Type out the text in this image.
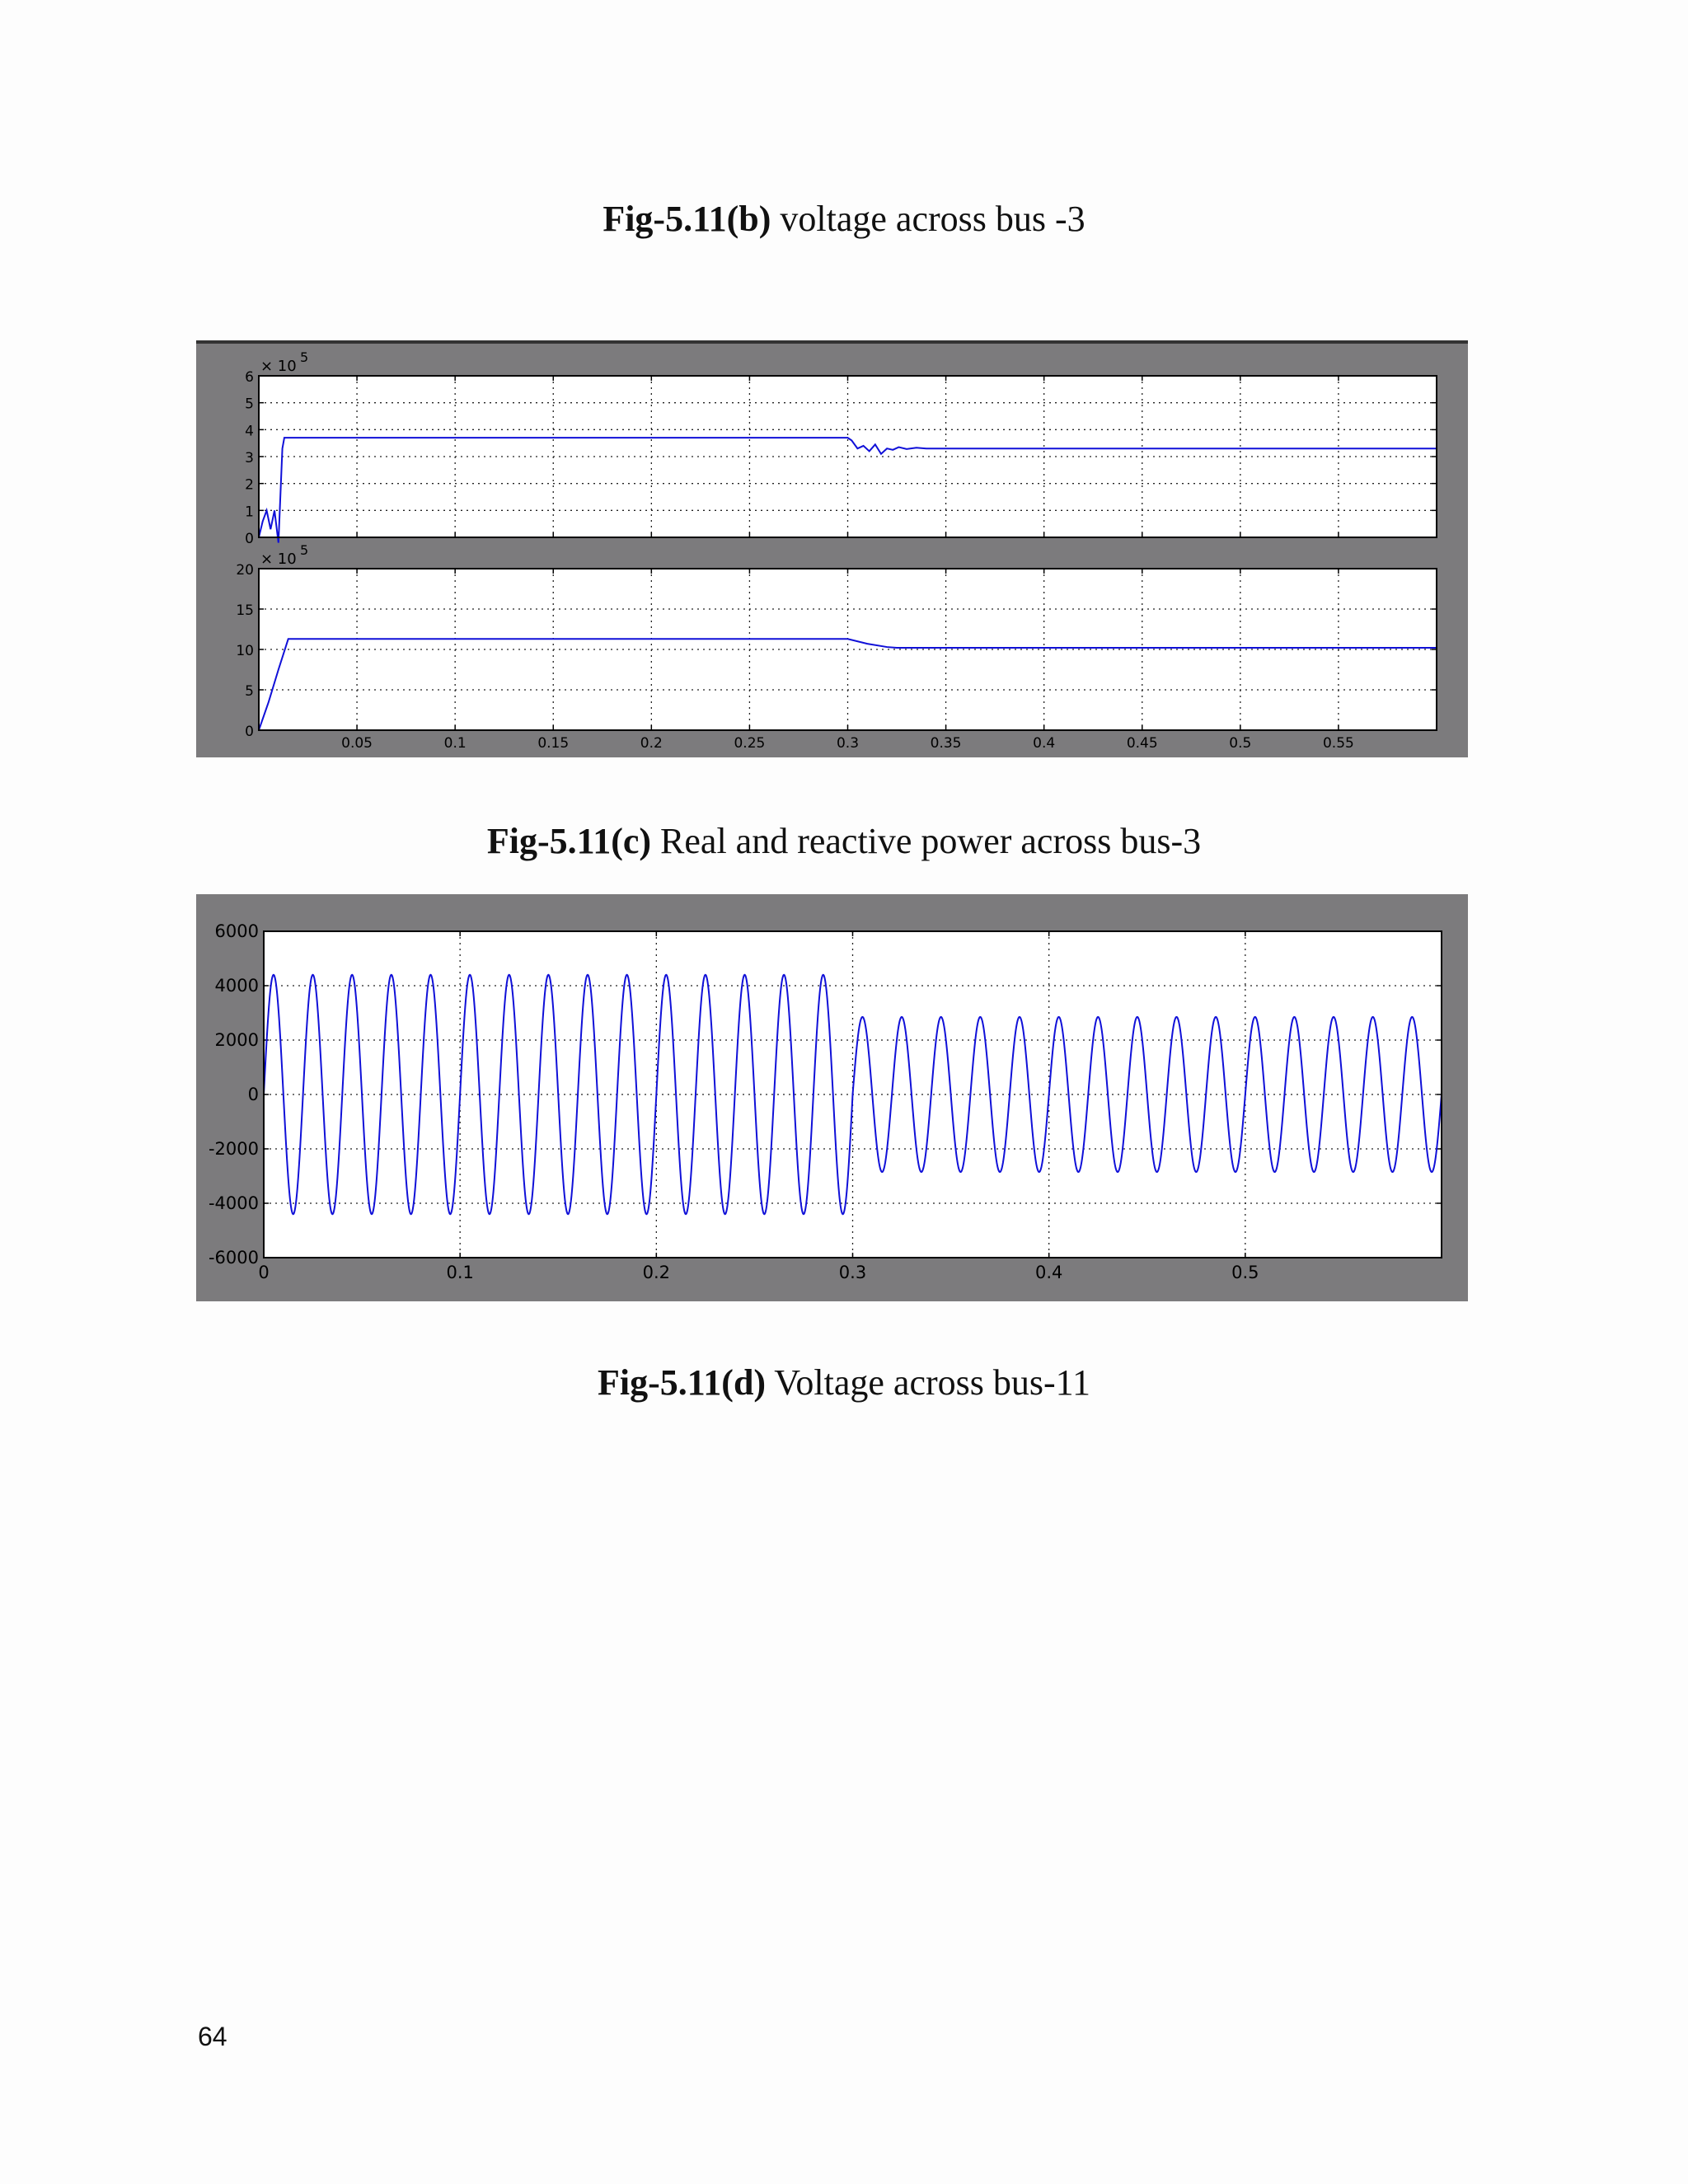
Fig-5.11(b) voltage across bus -3
0
1
2
3
4
5
6
× 10
5
0
5
10
15
20
0.05	0.1	0.15	0.2	0.25	0.3	0.35	0.4	0.45	0.5	0.55
× 10
5
Fig-5.11(c) Real and reactive power across bus-3
-6000
-4000
-2000
0
2000
4000
6000
0	0.1	0.2	0.3	0.4	0.5
Fig-5.11(d) Voltage across bus-11
64
